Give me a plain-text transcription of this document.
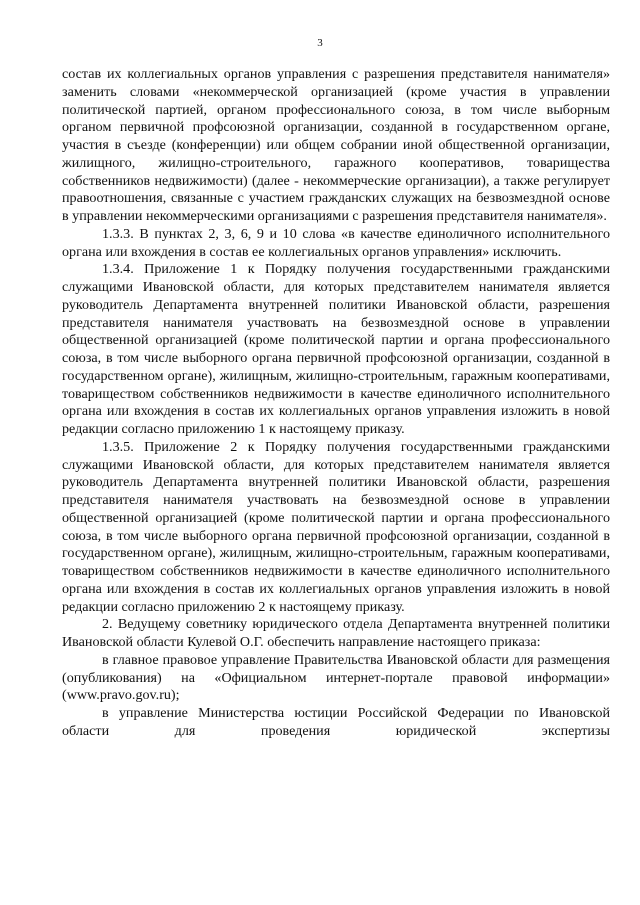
3

состав их коллегиальных органов управления с разрешения представителя нанимателя» заменить словами «некоммерческой организацией (кроме участия в управлении политической партией, органом профессионального союза, в том числе выборным органом первичной профсоюзной организации, созданной в государственном органе, участия в съезде (конференции) или общем собрании иной общественной организации, жилищного, жилищно-строительного, гаражного кооперативов, товарищества собственников недвижимости) (далее - некоммерческие организации), а также регулирует правоотношения, связанные с участием гражданских служащих на безвозмездной основе в управлении некоммерческими организациями с разрешения представителя нанимателя».

1.3.3. В пунктах 2, 3, 6, 9 и 10 слова «в качестве единоличного исполнительного органа или вхождения в состав ее коллегиальных органов управления» исключить.

1.3.4. Приложение 1 к Порядку получения государственными гражданскими служащими Ивановской области, для которых представителем нанимателя является руководитель Департамента внутренней политики Ивановской области, разрешения представителя нанимателя участвовать на безвозмездной основе в управлении общественной организацией (кроме политической партии и органа профессионального союза, в том числе выборного органа первичной профсоюзной организации, созданной в государственном органе), жилищным, жилищно-строительным, гаражным кооперативами, товариществом собственников недвижимости в качестве единоличного исполнительного органа или вхождения в состав их коллегиальных органов управления изложить в новой редакции согласно приложению 1 к настоящему приказу.

1.3.5. Приложение 2 к Порядку получения государственными гражданскими служащими Ивановской области, для которых представителем нанимателя является руководитель Департамента внутренней политики Ивановской области, разрешения представителя нанимателя участвовать на безвозмездной основе в управлении общественной организацией (кроме политической партии и органа профессионального союза, в том числе выборного органа первичной профсоюзной организации, созданной в государственном органе), жилищным, жилищно-строительным, гаражным кооперативами, товариществом собственников недвижимости в качестве единоличного исполнительного органа или вхождения в состав их коллегиальных органов управления изложить в новой редакции согласно приложению 2 к настоящему приказу.

2. Ведущему советнику юридического отдела Департамента внутренней политики Ивановской области Кулевой О.Г. обеспечить направление настоящего приказа:

в главное правовое управление Правительства Ивановской области для размещения (опубликования) на «Официальном интернет-портале правовой информации» (www.pravo.gov.ru);

в управление Министерства юстиции Российской Федерации по Ивановской области для проведения юридической экспертизы
